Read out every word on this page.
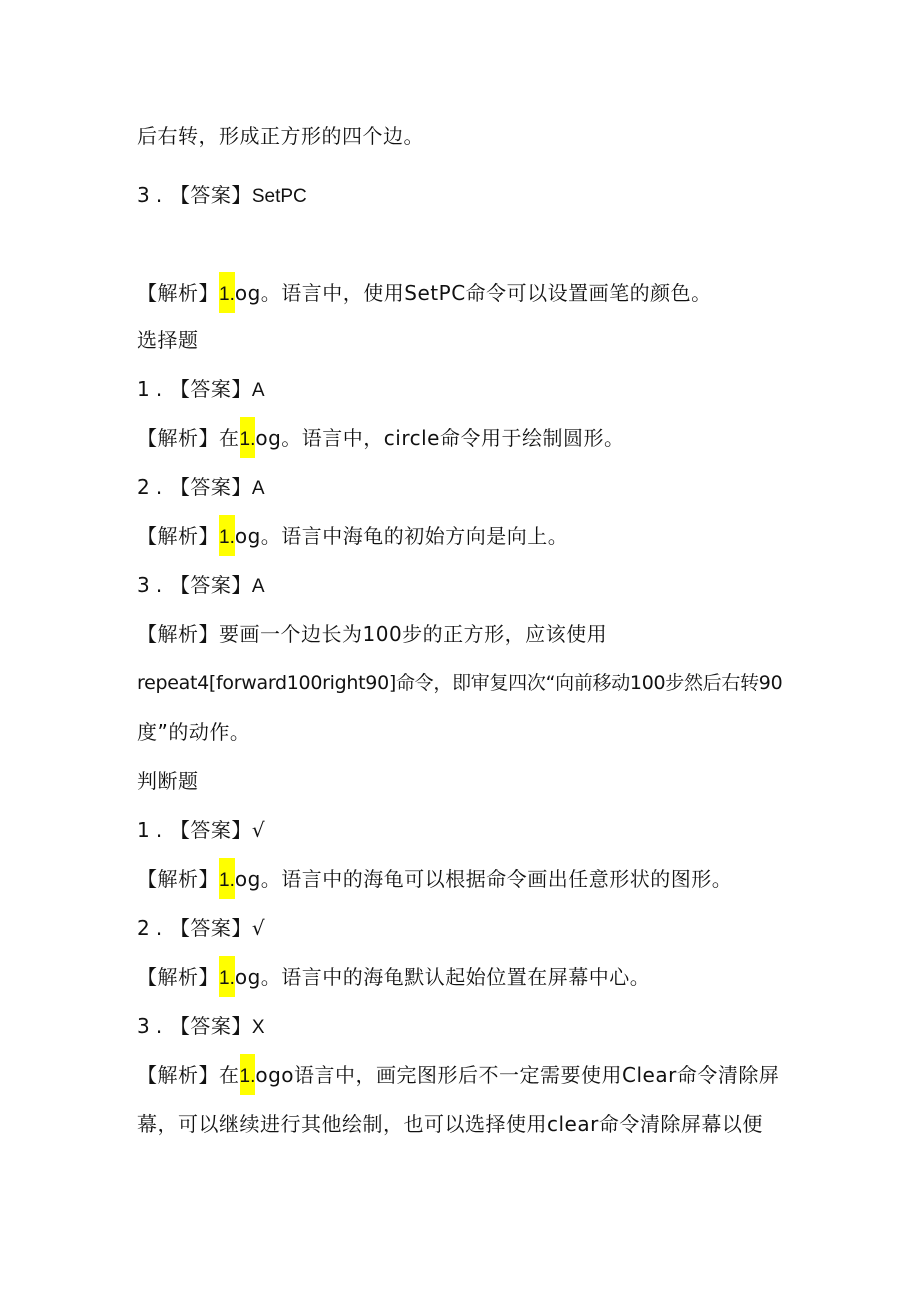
后右转，形成正方形的四个边。
3 . 【答案】SetPC
【解析】1.og。语言中，使用SetPC命令可以设置画笔的颜色。
选择题
1 . 【答案】A
【解析】在1.og。语言中，circle命令用于绘制圆形。
2 . 【答案】A
【解析】1.og。语言中海龟的初始方向是向上。
3 . 【答案】A
【解析】要画一个边长为100步的正方形，应该使用
repeat4[forward100right90]命令，即审复四次“向前移动100步然后右转90
度”的动作。
判断题
1 . 【答案】√
【解析】1.og。语言中的海龟可以根据命令画出任意形状的图形。
2 . 【答案】√
【解析】1.og。语言中的海龟默认起始位置在屏幕中心。
3 . 【答案】X
【解析】在1.ogo语言中，画完图形后不一定需要使用Clear命令清除屏
幕，可以继续进行其他绘制，也可以选择使用clear命令清除屏幕以便
